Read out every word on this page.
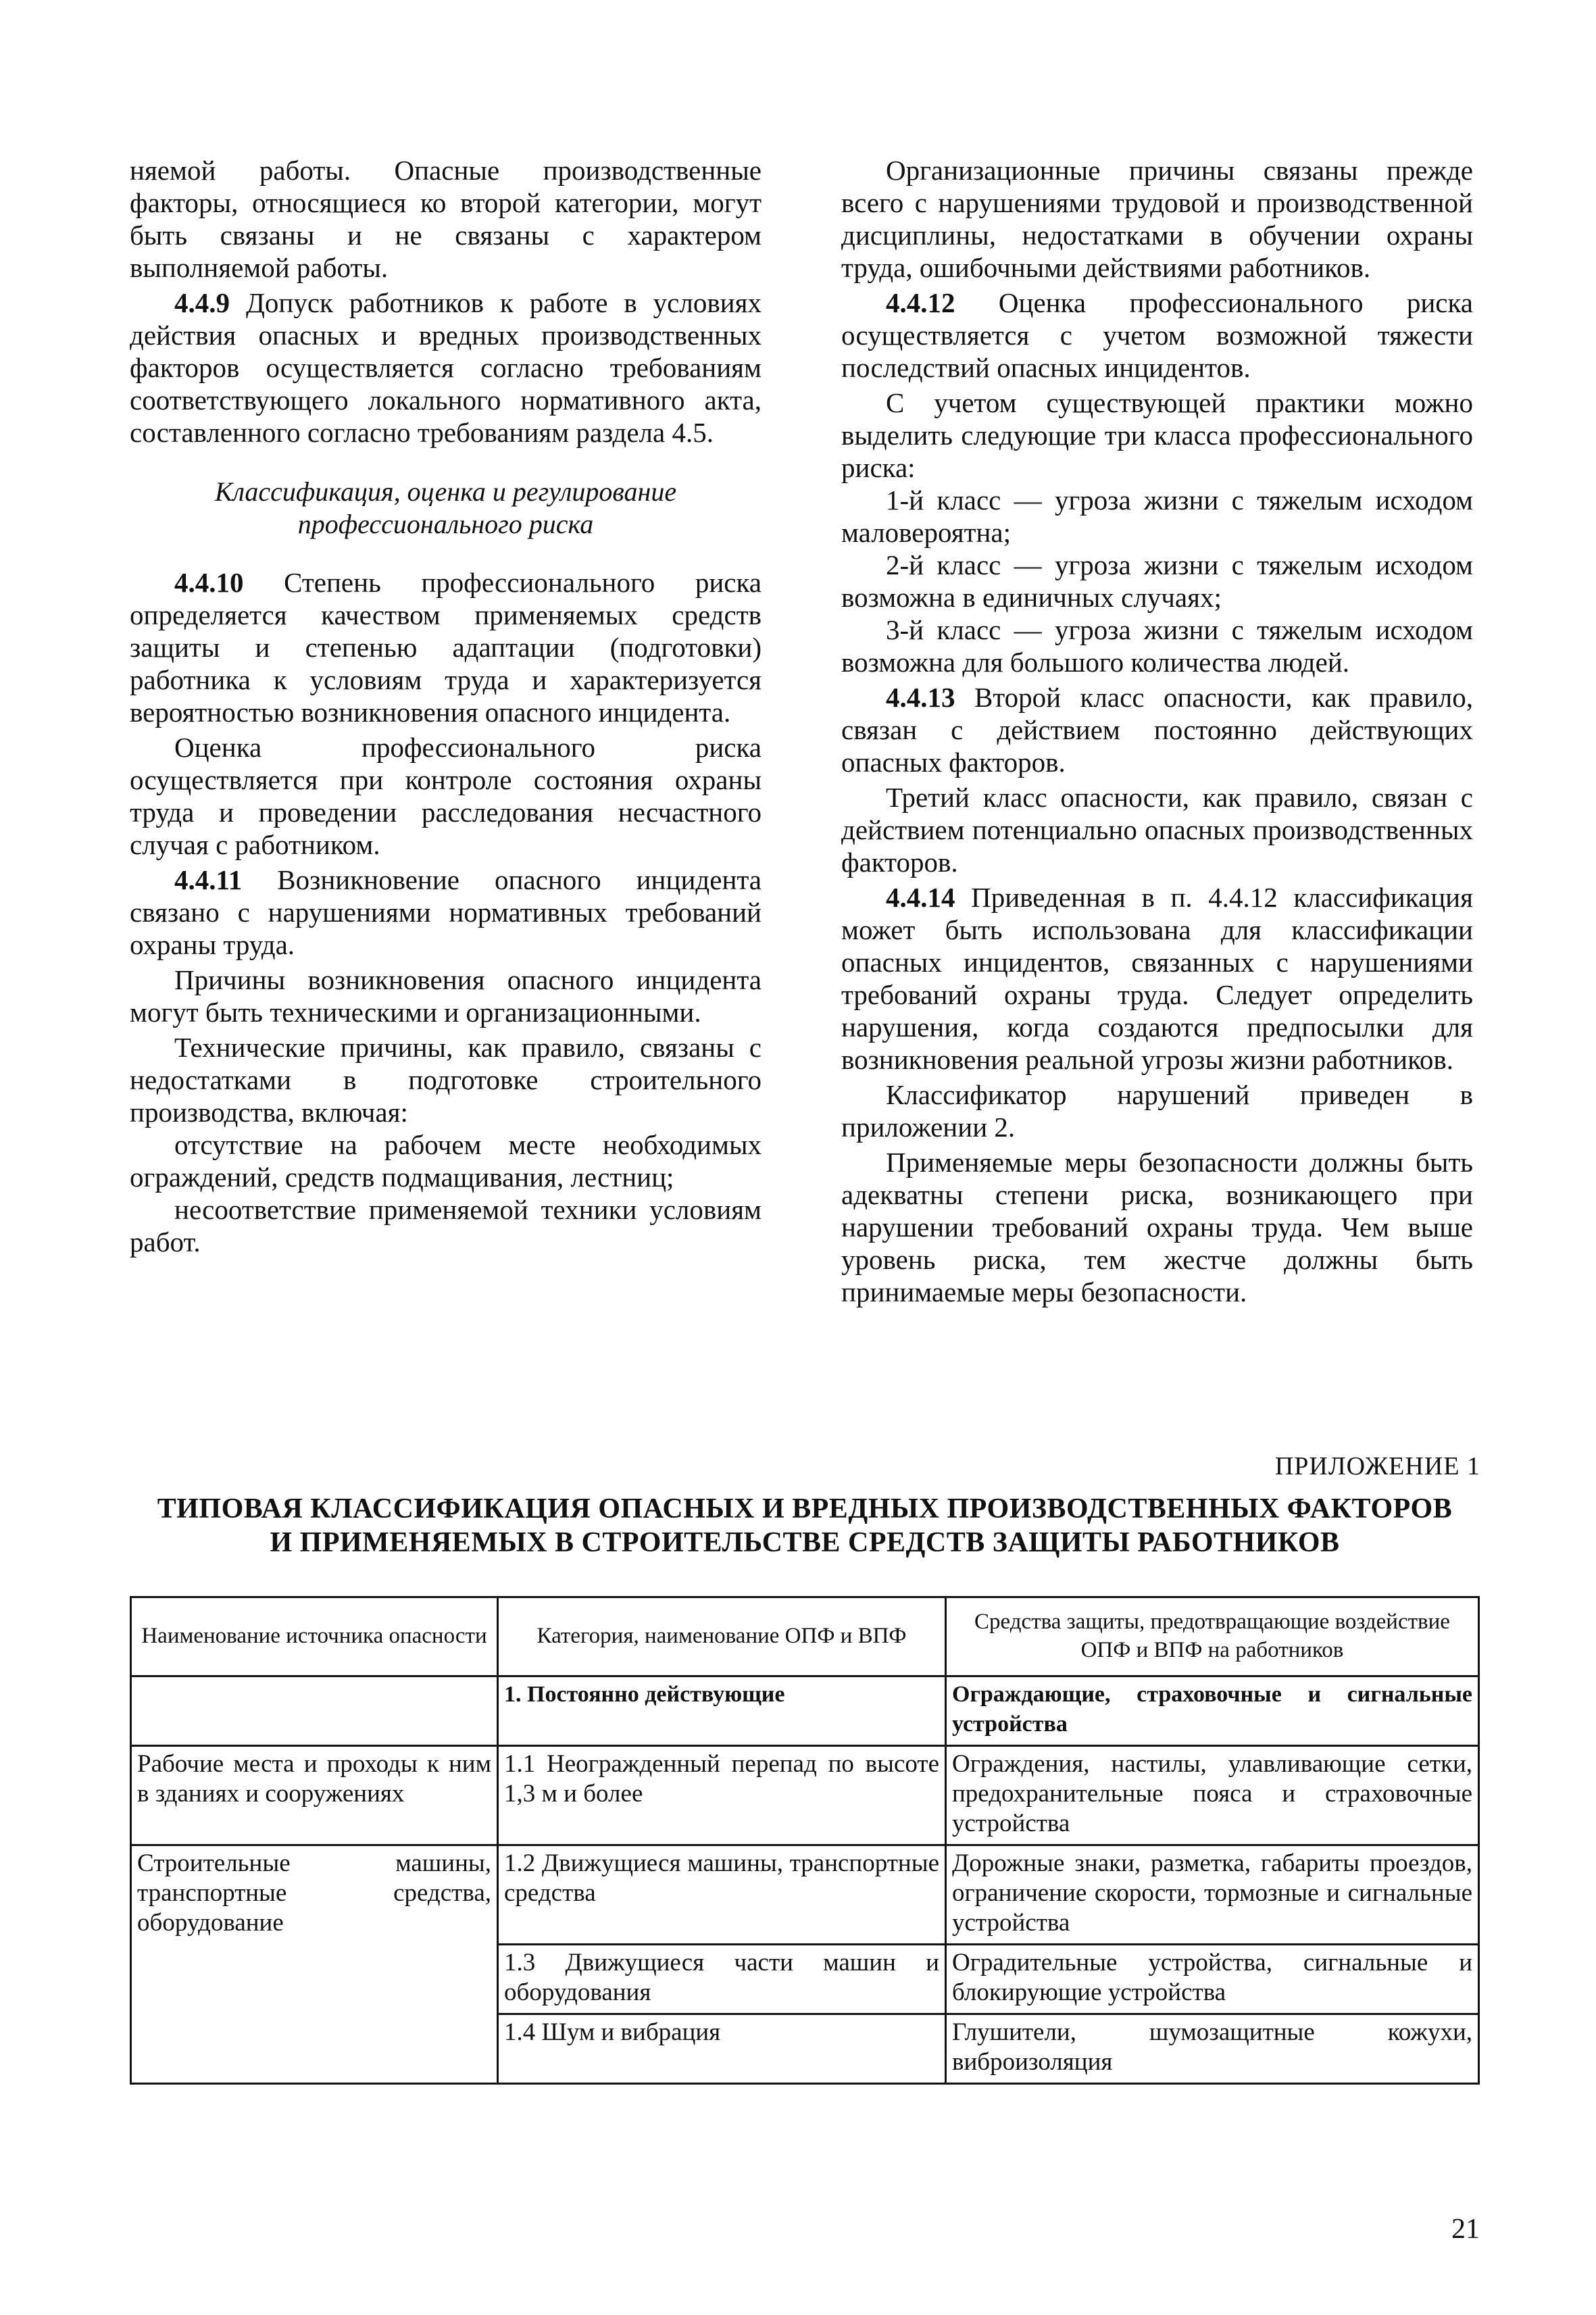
няемой работы. Опасные производственные факторы, относящиеся ко второй категории, могут быть связаны и не связаны с характером выполняемой работы.

4.4.9 Допуск работников к работе в условиях действия опасных и вредных производственных факторов осуществляется согласно требованиям соответствующего локального нормативного акта, составленного согласно требованиям раздела 4.5.

Классификация, оценка и регулирование профессионального риска

4.4.10 Степень профессионального риска определяется качеством применяемых средств защиты и степенью адаптации (подготовки) работника к условиям труда и характеризуется вероятностью возникновения опасного инцидента.

Оценка профессионального риска осуществляется при контроле состояния охраны труда и проведении расследования несчастного случая с работником.

4.4.11 Возникновение опасного инцидента связано с нарушениями нормативных требований охраны труда.

Причины возникновения опасного инцидента могут быть техническими и организационными.

Технические причины, как правило, связаны с недостатками в подготовке строительного производства, включая:

отсутствие на рабочем месте необходимых ограждений, средств подмащивания, лестниц;

несоответствие применяемой техники условиям работ.

Организационные причины связаны прежде всего с нарушениями трудовой и производственной дисциплины, недостатками в обучении охраны труда, ошибочными действиями работников.

4.4.12 Оценка профессионального риска осуществляется с учетом возможной тяжести последствий опасных инцидентов.

С учетом существующей практики можно выделить следующие три класса профессионального риска:

1-й класс — угроза жизни с тяжелым исходом маловероятна;

2-й класс — угроза жизни с тяжелым исходом возможна в единичных случаях;

3-й класс — угроза жизни с тяжелым исходом возможна для большого количества людей.

4.4.13 Второй класс опасности, как правило, связан с действием постоянно действующих опасных факторов.

Третий класс опасности, как правило, связан с действием потенциально опасных производственных факторов.

4.4.14 Приведенная в п. 4.4.12 классификация может быть использована для классификации опасных инцидентов, связанных с нарушениями требований охраны труда. Следует определить нарушения, когда создаются предпосылки для возникновения реальной угрозы жизни работников.

Классификатор нарушений приведен в приложении 2.

Применяемые меры безопасности должны быть адекватны степени риска, возникающего при нарушении требований охраны труда. Чем выше уровень риска, тем жестче должны быть принимаемые меры безопасности.

ПРИЛОЖЕНИЕ 1
ТИПОВАЯ КЛАССИФИКАЦИЯ ОПАСНЫХ И ВРЕДНЫХ ПРОИЗВОДСТВЕННЫХ ФАКТОРОВ
И ПРИМЕНЯЕМЫХ В СТРОИТЕЛЬСТВЕ СРЕДСТВ ЗАЩИТЫ РАБОТНИКОВ
Наименование источника опасности	Категория, наименование ОПФ и ВПФ	Средства защиты, предотвращающие воздействие ОПФ и ВПФ на работников
	1. Постоянно действующие	Ограждающие, страховочные и сигнальные устройства
Рабочие места и проходы к ним в зданиях и сооружениях	1.1 Неогражденный перепад по высоте 1,3 м и более	Ограждения, настилы, улавливающие сетки, предохранительные пояса и страховочные устройства
Строительные машины, транспортные средства, оборудование	1.2 Движущиеся машины, транспортные средства	Дорожные знаки, разметка, габариты проездов, ограничение скорости, тормозные и сигнальные устройства
	1.3 Движущиеся части машин и оборудования	Оградительные устройства, сигнальные и блокирующие устройства
	1.4 Шум и вибрация	Глушители, шумозащитные кожухи, виброизоляция
21
